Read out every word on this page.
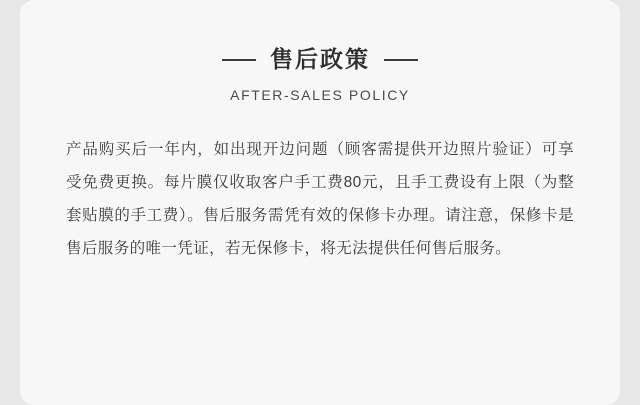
售后政策
AFTER-SALES POLICY
产品购买后一年内，如出现开边问题（顾客需提供开边照片验证）可享受免费更换。每片膜仅收取客户手工费80元，且手工费设有上限（为整套贴膜的手工费）。售后服务需凭有效的保修卡办理。请注意，保修卡是售后服务的唯一凭证，若无保修卡，将无法提供任何售后服务。
